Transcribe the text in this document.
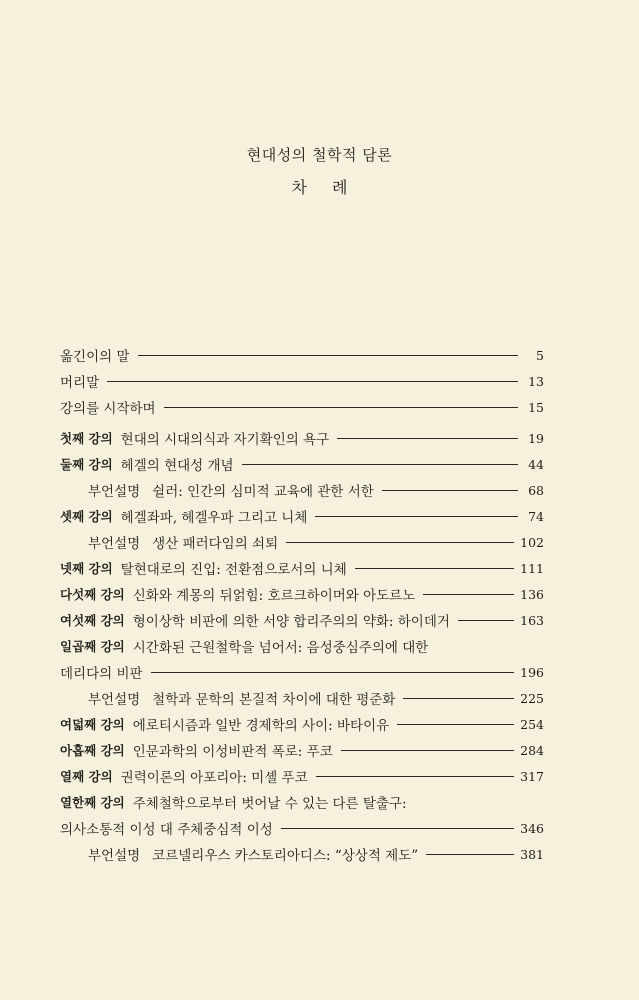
현대성의 철학적 담론
차 례
옮긴이의 말	5
머리말	13
강의를 시작하며	15
첫째 강의 현대의 시대의식과 자기확인의 욕구	19
둘째 강의 헤겔의 현대성 개념	44
부언설명 쉴러: 인간의 심미적 교육에 관한 서한	68
셋째 강의 헤겔좌파, 헤겔우파 그리고 니체	74
부언설명 생산 패러다임의 쇠퇴	102
넷째 강의 탈현대로의 진입: 전환점으로서의 니체	111
다섯째 강의 신화와 계몽의 뒤얽힘: 호르크하이머와 아도르노	136
여섯째 강의 형이상학 비판에 의한 서양 합리주의의 약화: 하이데거	163
일곱째 강의 시간화된 근원철학을 넘어서: 음성중심주의에 대한
데리다의 비판	196
부언설명 철학과 문학의 본질적 차이에 대한 평준화	225
여덟째 강의 에로티시즘과 일반 경제학의 사이: 바타이유	254
아홉째 강의 인문과학의 이성비판적 폭로: 푸코	284
열째 강의 권력이론의 아포리아: 미셸 푸코	317
열한째 강의 주체철학으로부터 벗어날 수 있는 다른 탈출구:
의사소통적 이성 대 주체중심적 이성	346
부언설명 코르넬리우스 카스토리아디스: “상상적 제도”	381
